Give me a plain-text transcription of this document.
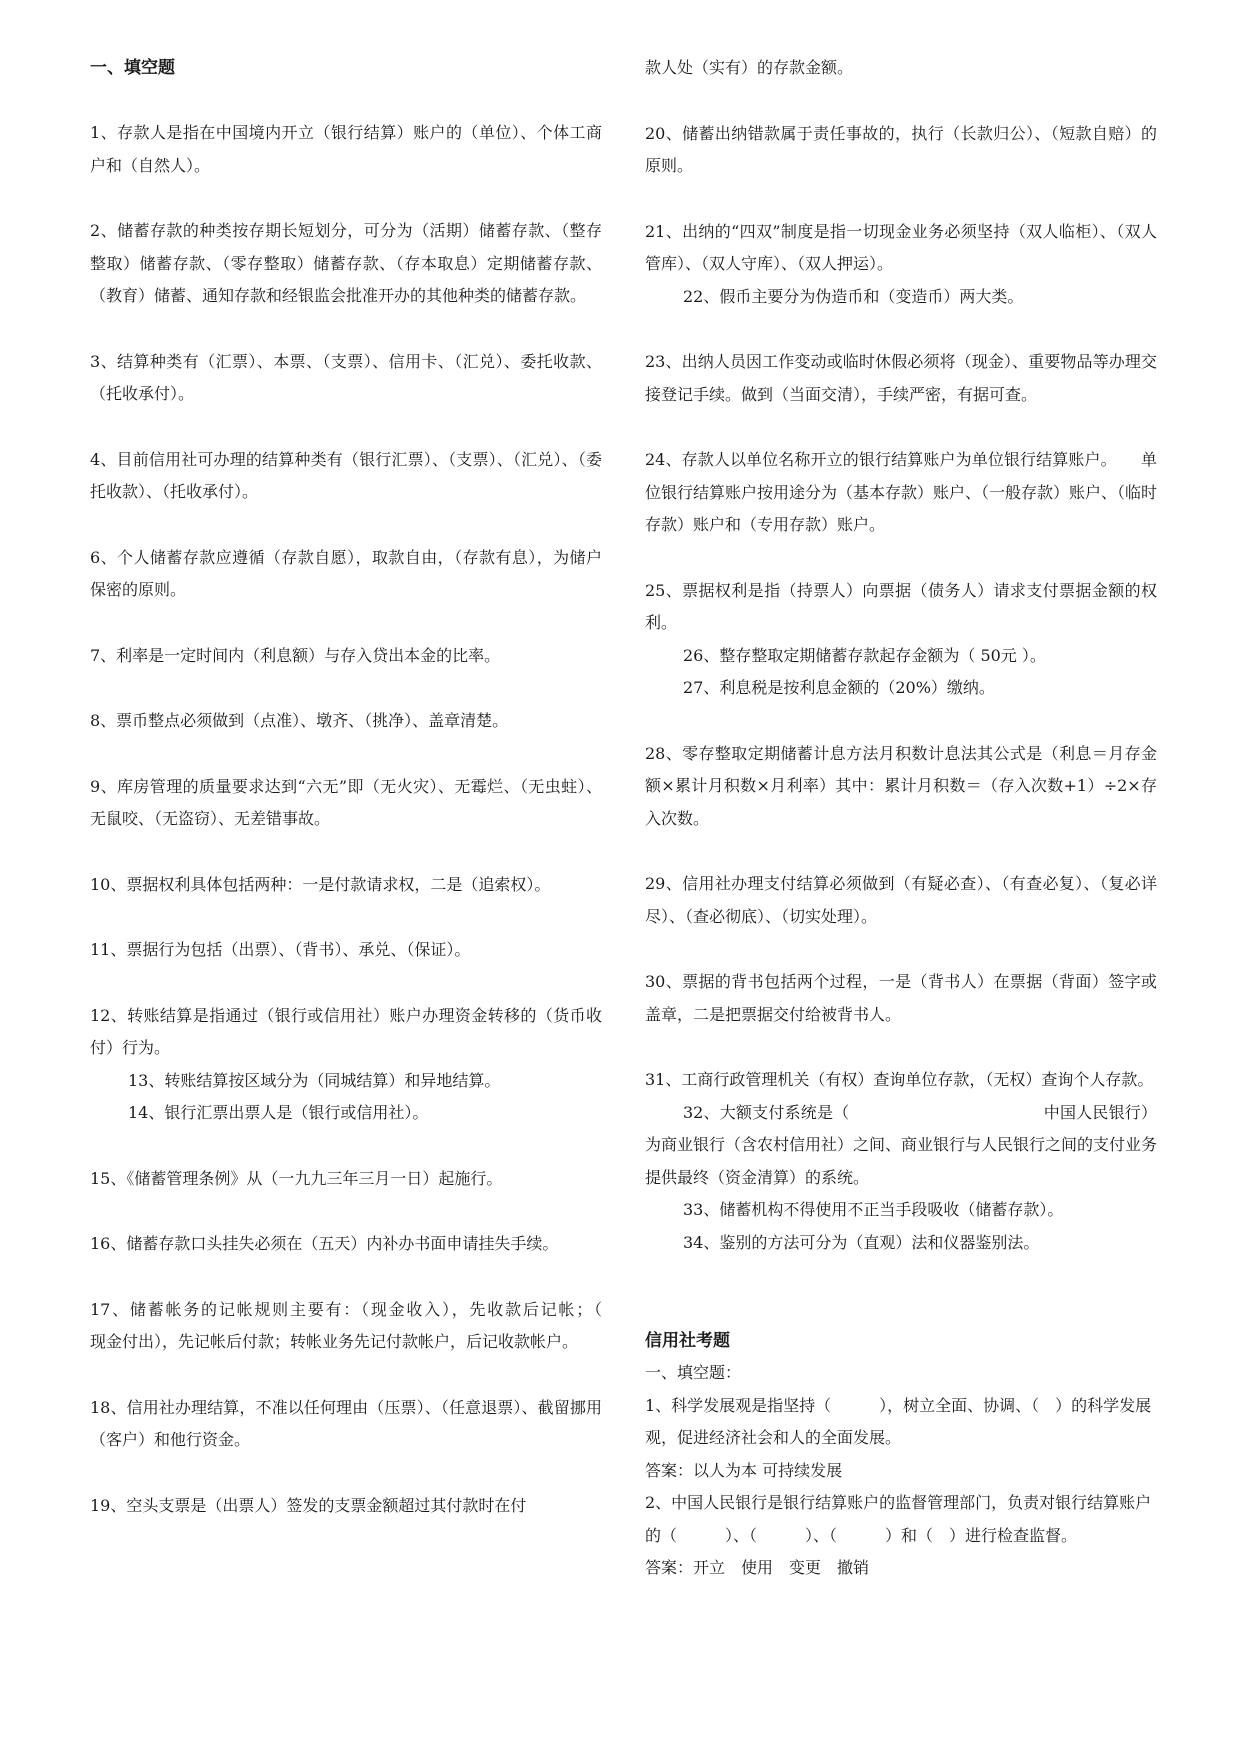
一、填空题

1、存款人是指在中国境内开立（银行结算）账户的（单位）、个体工商户和（自然人）。

2、储蓄存款的种类按存期长短划分，可分为（活期）储蓄存款、（整存整取）储蓄存款、（零存整取）储蓄存款、（存本取息）定期储蓄存款、（教育）储蓄、通知存款和经银监会批准开办的其他种类的储蓄存款。

3、结算种类有（汇票）、本票、（支票）、信用卡、（汇兑）、委托收款、（托收承付）。

4、目前信用社可办理的结算种类有（银行汇票）、（支票）、（汇兑）、（委托收款）、（托收承付）。

6、个人储蓄存款应遵循（存款自愿），取款自由，（存款有息），为储户保密的原则。

7、利率是一定时间内（利息额）与存入贷出本金的比率。

8、票币整点必须做到（点准）、墩齐、（挑净）、盖章清楚。

9、库房管理的质量要求达到“六无”即（无火灾）、无霉烂、（无虫蛀）、无鼠咬、（无盗窃）、无差错事故。

10、票据权利具体包括两种：一是付款请求权，二是（追索权）。

11、票据行为包括（出票）、（背书）、承兑、（保证）。

12、转账结算是指通过（银行或信用社）账户办理资金转移的（货币收付）行为。

13、转账结算按区域分为（同城结算）和异地结算。

14、银行汇票出票人是（银行或信用社）。

15、《储蓄管理条例》从（一九九三年三月一日）起施行。

16、储蓄存款口头挂失必须在（五天）内补办书面申请挂失手续。

17、储蓄帐务的记帐规则主要有：（现金收入），先收款后记帐；（　　　　　　　　　　　　　　　　　　　　现金付出），先记帐后付款；转帐业务先记付款帐户，后记收款帐户。

18、信用社办理结算，不准以任何理由（压票）、（任意退票）、截留挪用（客户）和他行资金。

19、空头支票是（出票人）签发的支票金额超过其付款时在付

款人处（实有）的存款金额。

20、储蓄出纳错款属于责任事故的，执行（长款归公）、（短款自赔）的原则。

21、出纳的“四双”制度是指一切现金业务必须坚持（双人临柜）、（双人管库）、（双人守库）、（双人押运）。

22、假币主要分为伪造币和（变造币）两大类。

23、出纳人员因工作变动或临时休假必须将（现金）、重要物品等办理交接登记手续。做到（当面交清），手续严密，有据可查。

24、存款人以单位名称开立的银行结算账户为单位银行结算账户。　　单位银行结算账户按用途分为（基本存款）账户、（一般存款）账户、（临时存款）账户和（专用存款）账户。

25、票据权利是指（持票人）向票据（债务人）请求支付票据金额的权利。

26、整存整取定期储蓄存款起存金额为（ 50元 ）。

27、利息税是按利息金额的（20%）缴纳。

28、零存整取定期储蓄计息方法月积数计息法其公式是（利息＝月存金额×累计月积数×月利率）其中：累计月积数＝（存入次数+1）÷2×存入次数。

29、信用社办理支付结算必须做到（有疑必查）、（有查必复）、（复必详尽）、（查必彻底）、（切实处理）。

30、票据的背书包括两个过程，一是（背书人）在票据（背面）签字或盖章，二是把票据交付给被背书人。

31、工商行政管理机关（有权）查询单位存款，（无权）查询个人存款。

32、大额支付系统是（　　　　　　　　　　　　中国人民银行）为商业银行（含农村信用社）之间、商业银行与人民银行之间的支付业务提供最终（资金清算）的系统。

33、储蓄机构不得使用不正当手段吸收（储蓄存款）。

34、鉴别的方法可分为（直观）法和仪器鉴别法。

信用社考题

一、填空题：

1、科学发展观是指坚持（　　　），树立全面、协调、（　）的科学发展观，促进经济社会和人的全面发展。

答案：以人为本 可持续发展

2、中国人民银行是银行结算账户的监督管理部门，负责对银行结算账户的（　　　）、（　　　）、（　　　）和（　）进行检查监督。

答案：开立　使用　变更　撤销
